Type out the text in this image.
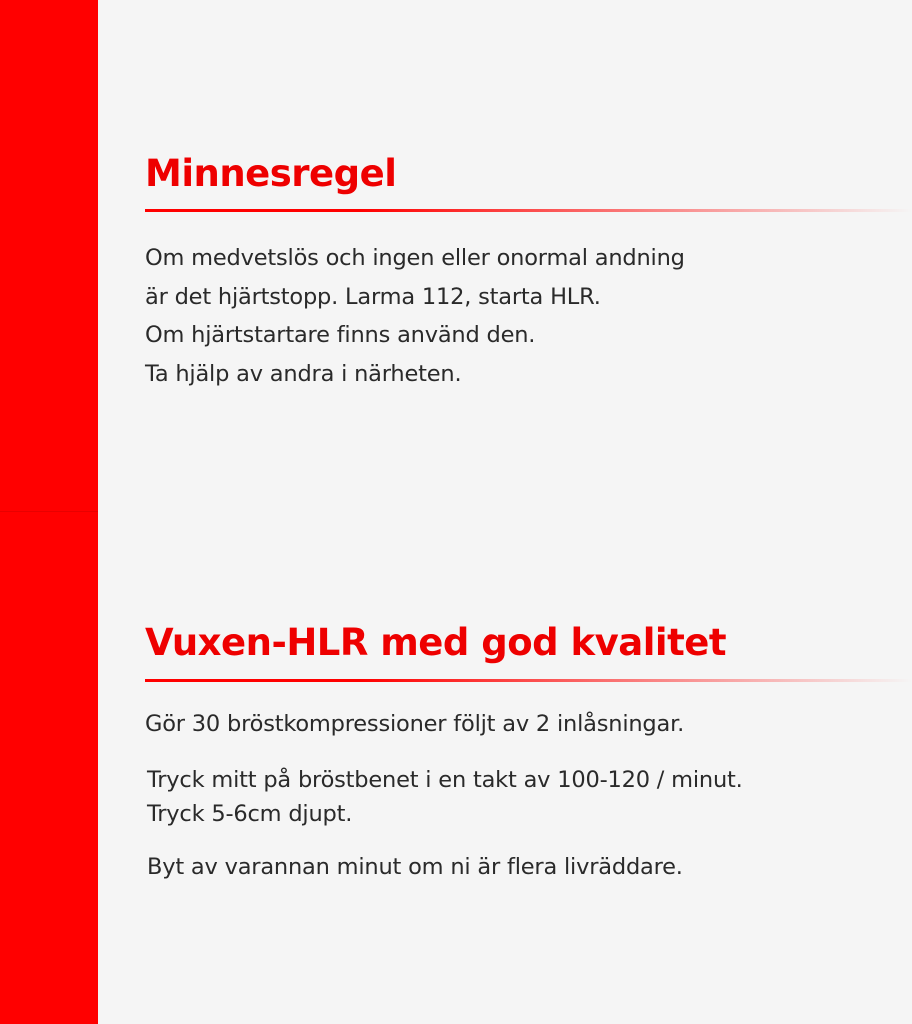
Minnesregel

Om medvetslös och ingen eller onormal andning

är det hjärtstopp. Larma 112, starta HLR.

Om hjärtstartare finns använd den.

Ta hjälp av andra i närheten.

Vuxen-HLR med god kvalitet

Gör 30 bröstkompressioner följt av 2 inlåsningar.

Tryck mitt på bröstbenet i en takt av 100-120 / minut.

Tryck 5-6cm djupt.

Byt av varannan minut om ni är flera livräddare.
